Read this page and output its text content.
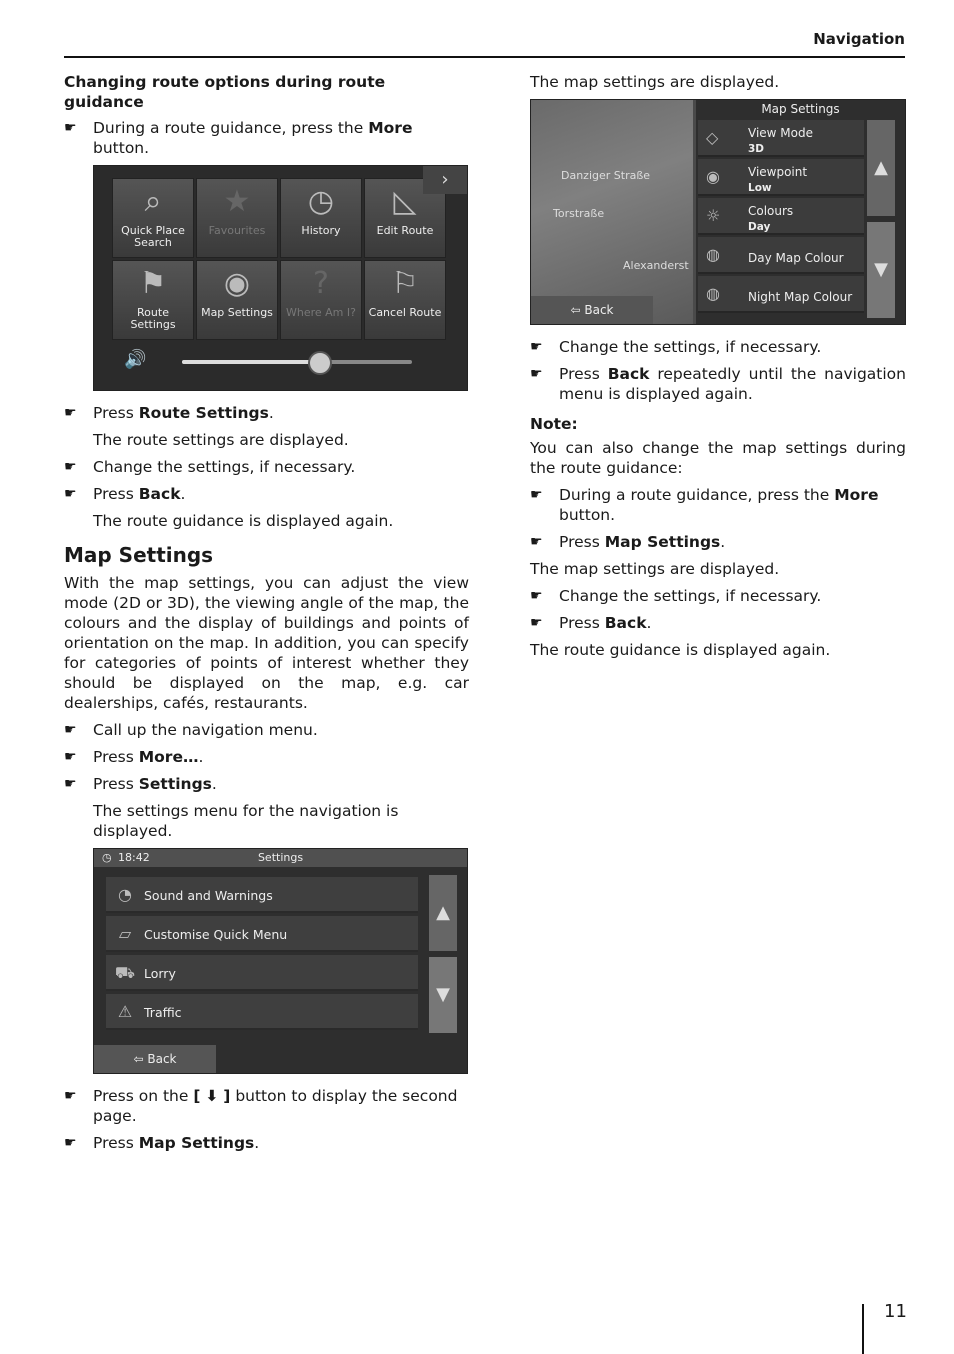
Navigation

Changing route options during route guidance

☛ During a route guidance, press the More button.

⌕
Quick Place Search
★
Favourites
◷
History
◺
Edit Route
⚑
Route Settings
◉
Map Settings
?
Where Am I?
⚐
Cancel Route
›
🔊

☛ Press Route Settings.

The route settings are displayed.

☛ Change the settings, if necessary.

☛ Press Back.

The route guidance is displayed again.

Map Settings

With the map settings, you can adjust the view mode (2D or 3D), the viewing angle of the map, the colours and the display of buildings and points of orientation on the map. In addition, you can specify for categories of points of interest whether they should be displayed on the map, e.g. car dealerships, cafés, restaurants.

☛ Call up the navigation menu.

☛ Press More….

☛ Press Settings.

The settings menu for the navigation is displayed.

◷ 18:42	Settings
◔ Sound and Warnings
▱ Customise Quick Menu
⛟ Lorry
⚠ Traffic
▲
▼
⇦ Back

☛ Press on the [ ⬇ ] button to display the second page.

☛ Press Map Settings.

The map settings are displayed.

Danziger Straße
Torstraße
Alexanderst
⇦ Back
Map Settings
◇ View Mode
3D
◉ Viewpoint
Low
☼ Colours
Day
◍ Day Map Colour
◍ Night Map Colour
▲
▼

☛ Change the settings, if necessary.

☛ Press Back repeatedly until the navigation menu is displayed again.

Note:

You can also change the map settings during the route guidance:

☛ During a route guidance, press the More button.

☛ Press Map Settings.

The map settings are displayed.

☛ Change the settings, if necessary.

☛ Press Back.

The route guidance is displayed again.

11
